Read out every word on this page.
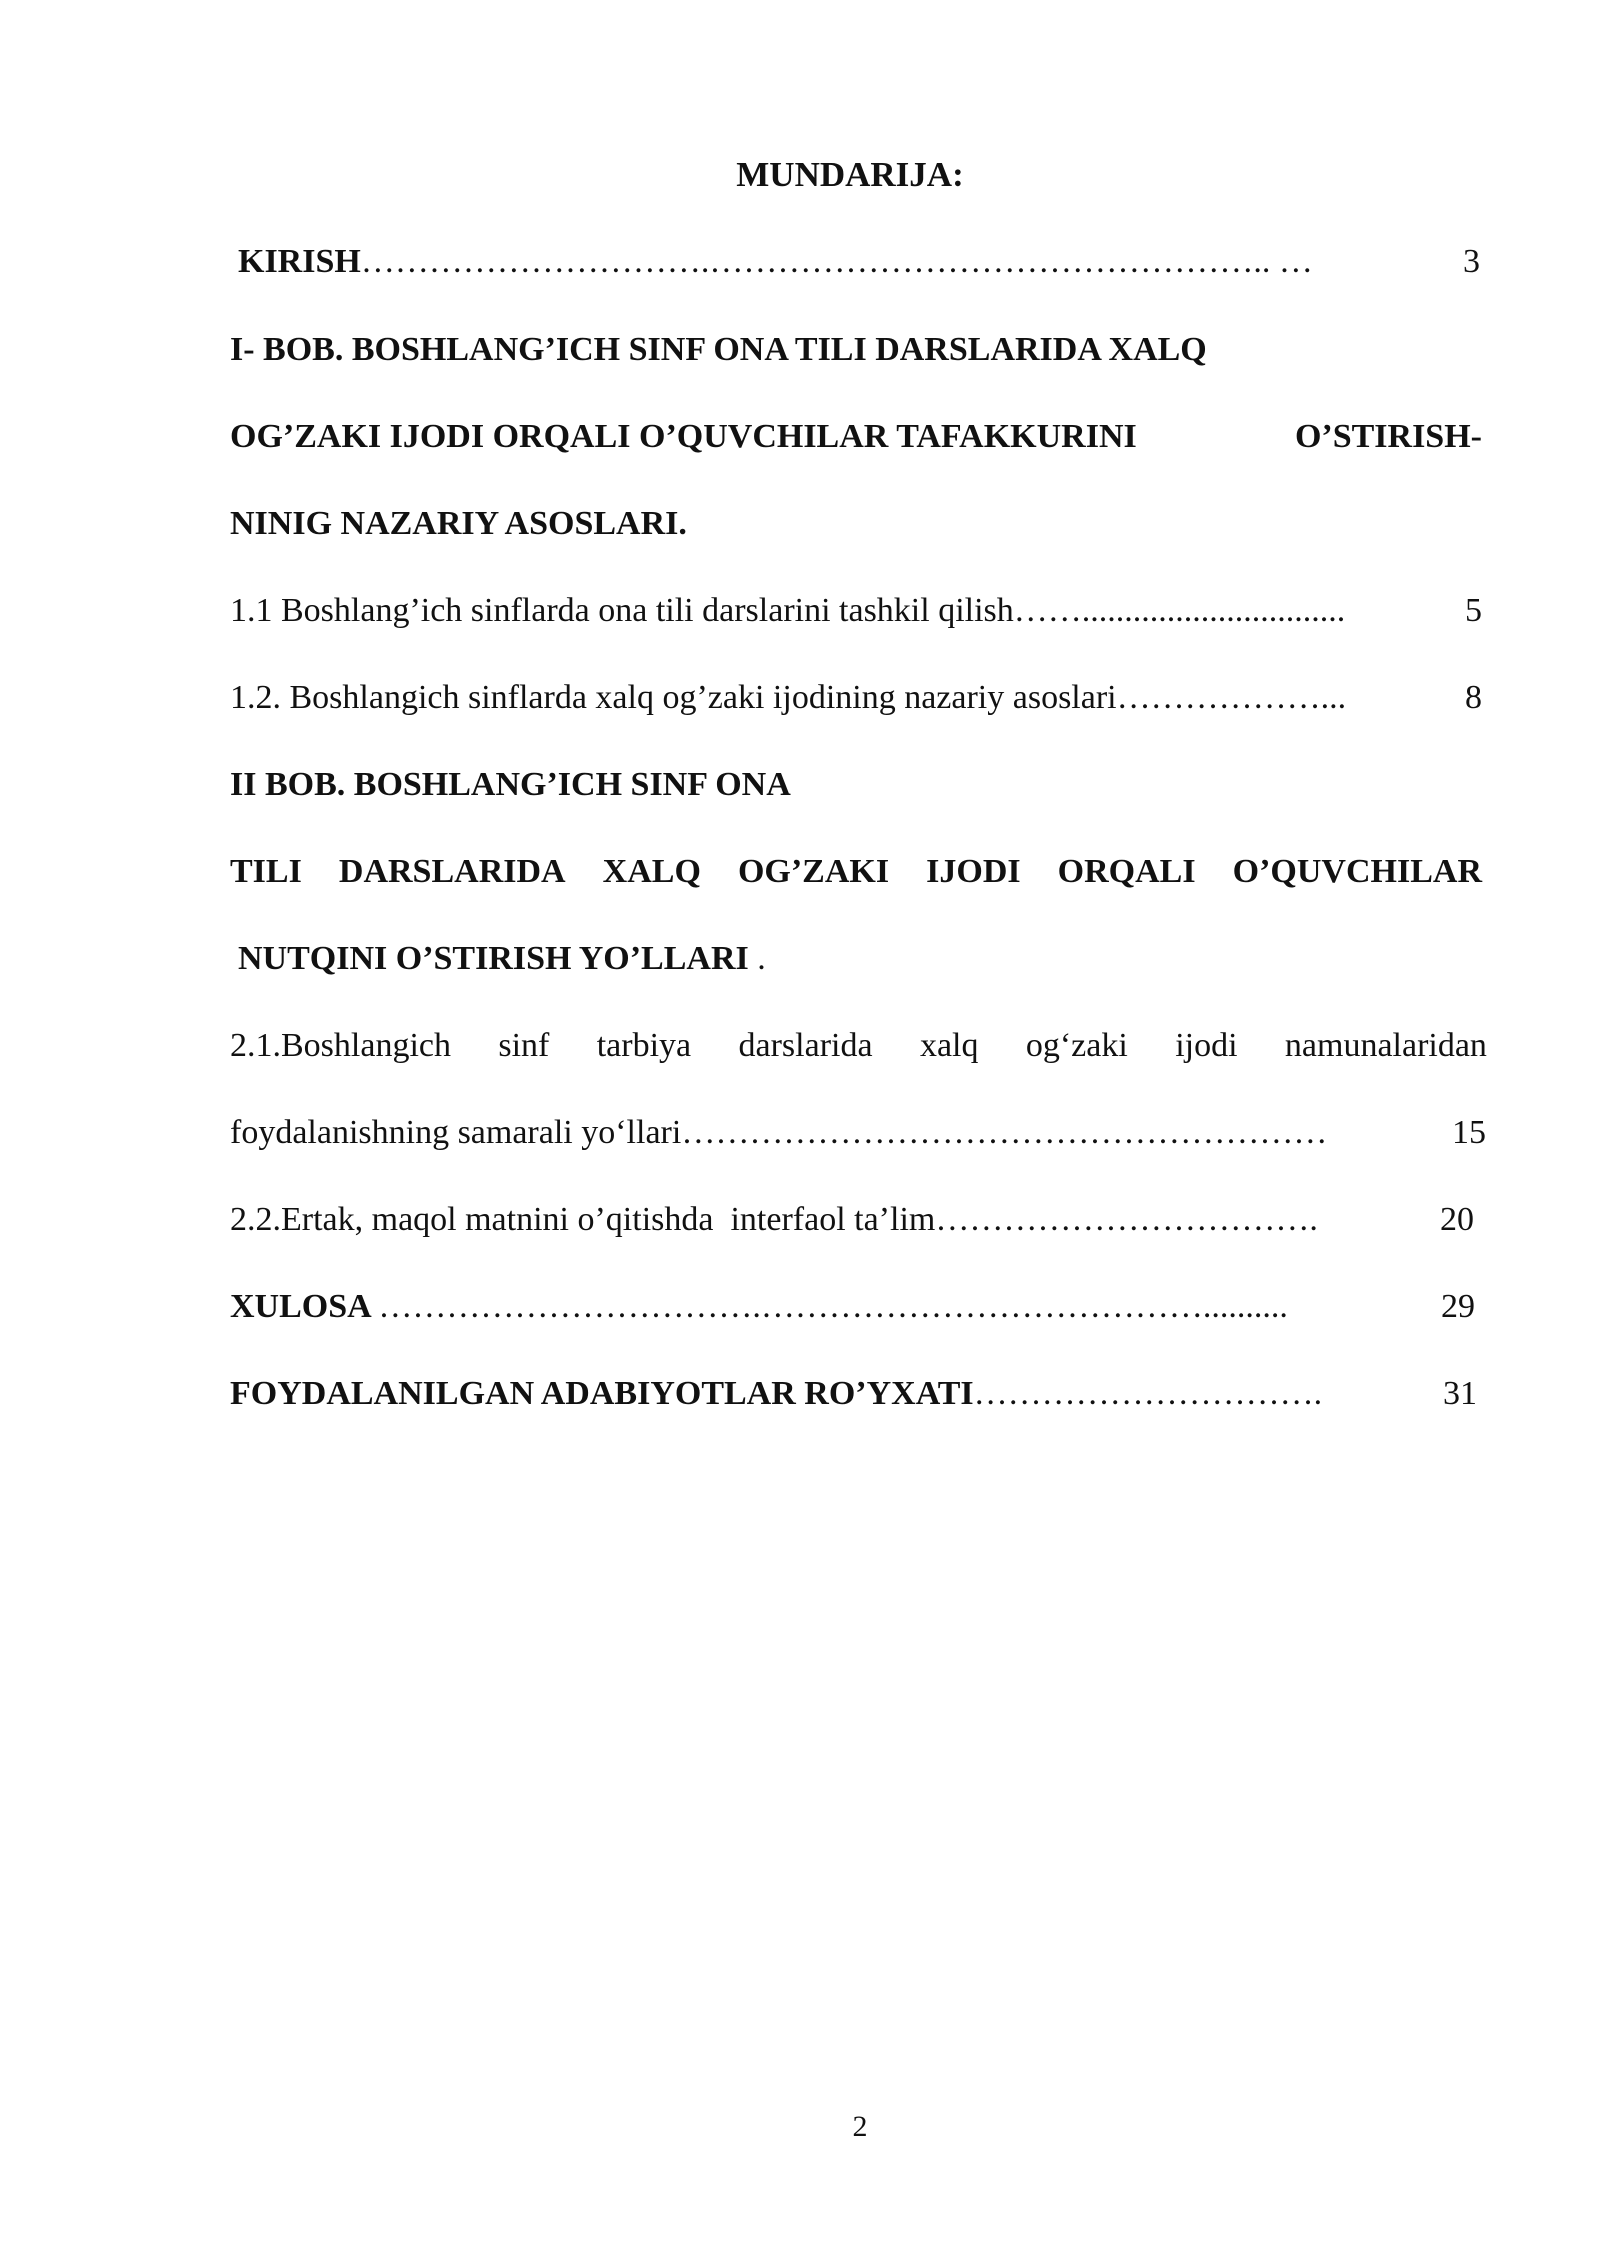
MUNDARIJA:
KIRISH ………………………….………………………………………….. …	3
I- BOB. BOSHLANG’ICH SINF ONA TILI DARSLARIDA XALQ
OG’ZAKI IJODI ORQALI O’QUVCHILAR TAFAKKURINI	O’STIRISH-
NINIG NAZARIY ASOSLARI.
1.1 Boshlang’ich sinflarda ona tili darslarini tashkil qilish ……...............................	5
1.2. Boshlangich sinflarda xalq og’zaki ijodining nazariy asoslari ………………...	8
II BOB. BOSHLANG’ICH SINF ONA
TILI DARSLARIDA XALQ OG’ZAKI IJODI ORQALI O’QUVCHILAR
NUTQINI O’STIRISH YO’LLARI .
2.1.Boshlangich sinf tarbiya darslarida xalq og‘zaki ijodi namunalaridan
foydalanishning samarali yo‘llari …………………………………………………	15
2.2.Ertak, maqol matnini o’qitishda  interfaol ta’lim …………………………….	20
XULOSA …………………………….…………………………………..........	29
FOYDALANILGAN ADABIYOTLAR RO’YXATI ………………………….	31
2
